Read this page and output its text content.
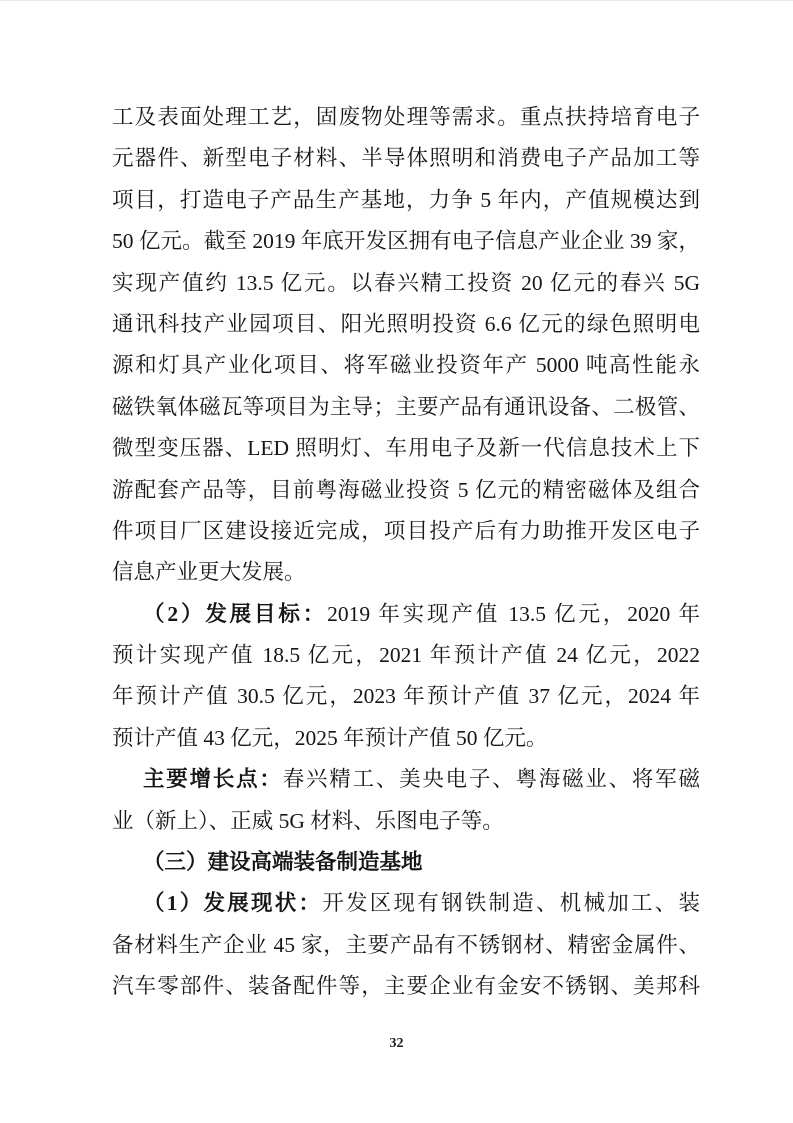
工及表面处理工艺，固废物处理等需求。重点扶持培育电子
元器件、新型电子材料、半导体照明和消费电子产品加工等
项目，打造电子产品生产基地，力争 5 年内，产值规模达到
50 亿元。截至 2019 年底开发区拥有电子信息产业企业 39 家，
实现产值约 13.5 亿元。以春兴精工投资 20 亿元的春兴 5G
通讯科技产业园项目、阳光照明投资 6.6 亿元的绿色照明电
源和灯具产业化项目、将军磁业投资年产 5000 吨高性能永
磁铁氧体磁瓦等项目为主导；主要产品有通讯设备、二极管、
微型变压器、LED 照明灯、车用电子及新一代信息技术上下
游配套产品等，目前粤海磁业投资 5 亿元的精密磁体及组合
件项目厂区建设接近完成，项目投产后有力助推开发区电子
信息产业更大发展。
（2）发展目标：2019 年实现产值 13.5 亿元，2020 年
预计实现产值 18.5 亿元，2021 年预计产值 24 亿元，2022
年预计产值 30.5 亿元，2023 年预计产值 37 亿元，2024 年
预计产值 43 亿元，2025 年预计产值 50 亿元。
主要增长点：春兴精工、美央电子、粤海磁业、将军磁
业（新上）、正威 5G 材料、乐图电子等。
（三）建设高端装备制造基地
（1）发展现状：开发区现有钢铁制造、机械加工、装
备材料生产企业 45 家，主要产品有不锈钢材、精密金属件、
汽车零部件、装备配件等，主要企业有金安不锈钢、美邦科
32
